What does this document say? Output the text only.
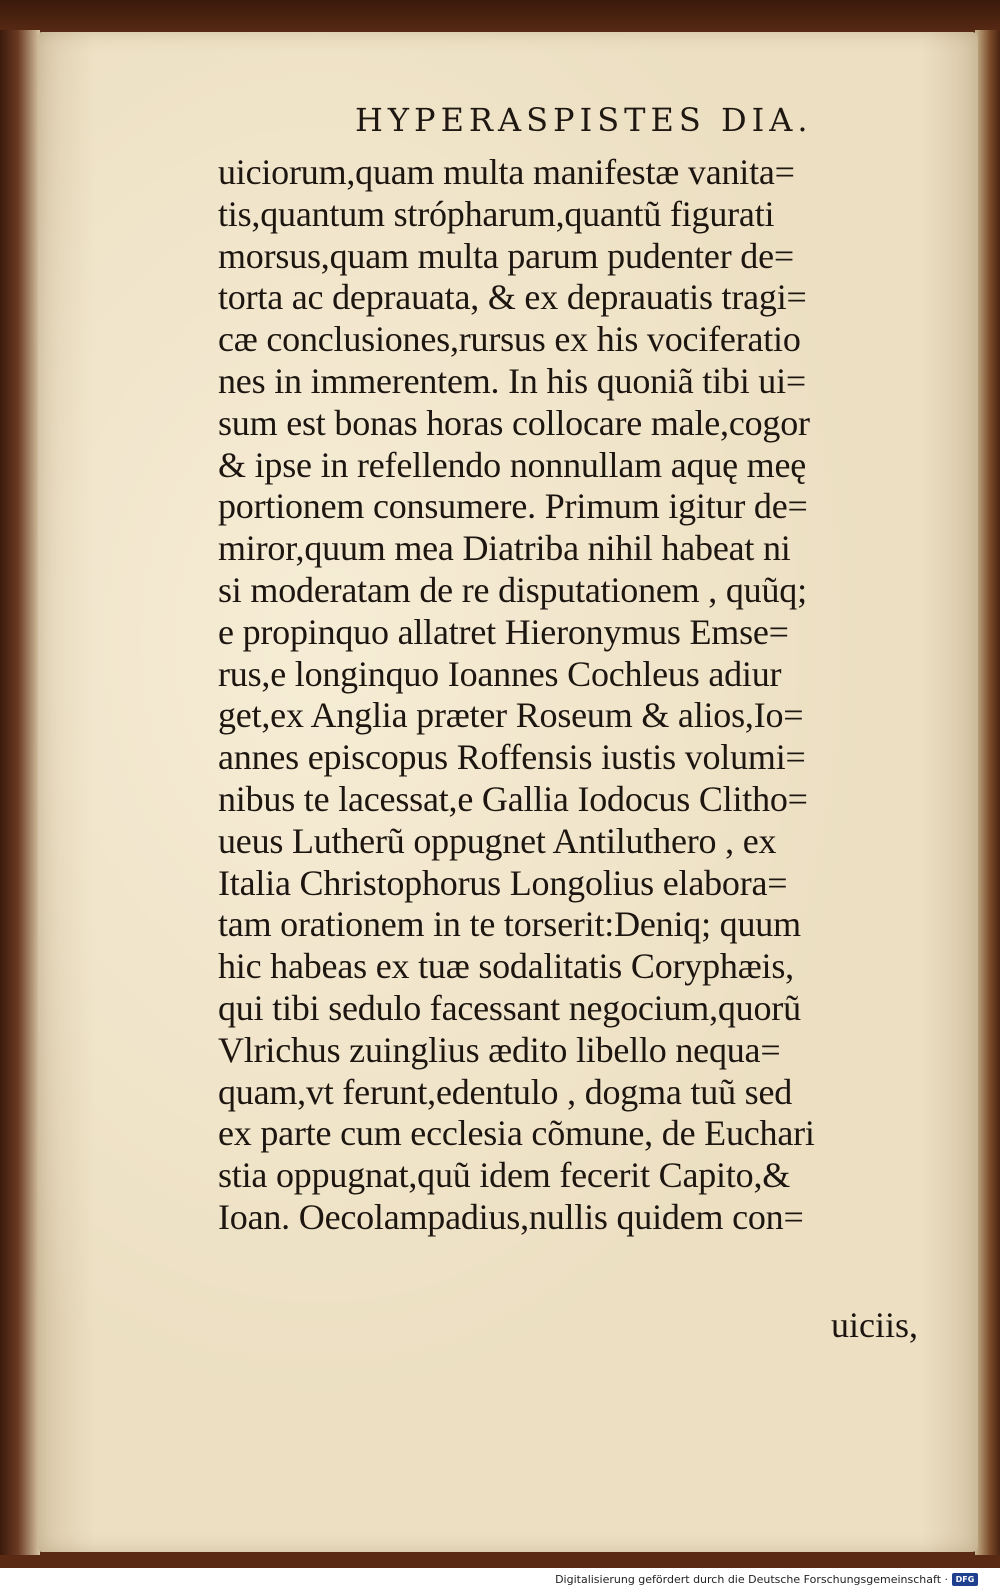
HYPERASPISTES DIA.
uiciorum,quam multa manifestæ vanita=
tis,quantum strópharum,quantũ figurati
morsus,quam multa parum pudenter de=
torta ac deprauata, & ex deprauatis tragi=
cæ conclusiones,rursus ex his vociferatio
nes in immerentem. In his quoniã tibi ui=
sum est bonas horas collocare male,cogor
& ipse in refellendo nonnullam aquę meę
portionem consumere. Primum igitur de=
miror,quum mea Diatriba nihil habeat ni
si moderatam de re disputationem , quũq;
e propinquo allatret Hieronymus Emse=
rus,e longinquo Ioannes Cochleus adiur
get,ex Anglia præter Roseum & alios,Io=
annes episcopus Roffensis iustis volumi=
nibus te lacessat,e Gallia Iodocus Clitho=
ueus Lutherũ oppugnet Antiluthero , ex
Italia Christophorus Longolius elabora=
tam orationem in te torserit:Deniq; quum
hic habeas ex tuæ sodalitatis Coryphæis,
qui tibi sedulo facessant negocium,quorũ
Vlrichus zuinglius ædito libello nequa=
quam,vt ferunt,edentulo , dogma tuũ sed
ex parte cum ecclesia cõmune, de Euchari
stia oppugnat,quũ idem fecerit Capito,&
Ioan. Oecolampadius,nullis quidem con=

uiciis,

Digitalisierung gefördert durch die Deutsche Forschungsgemeinschaft · DFG
